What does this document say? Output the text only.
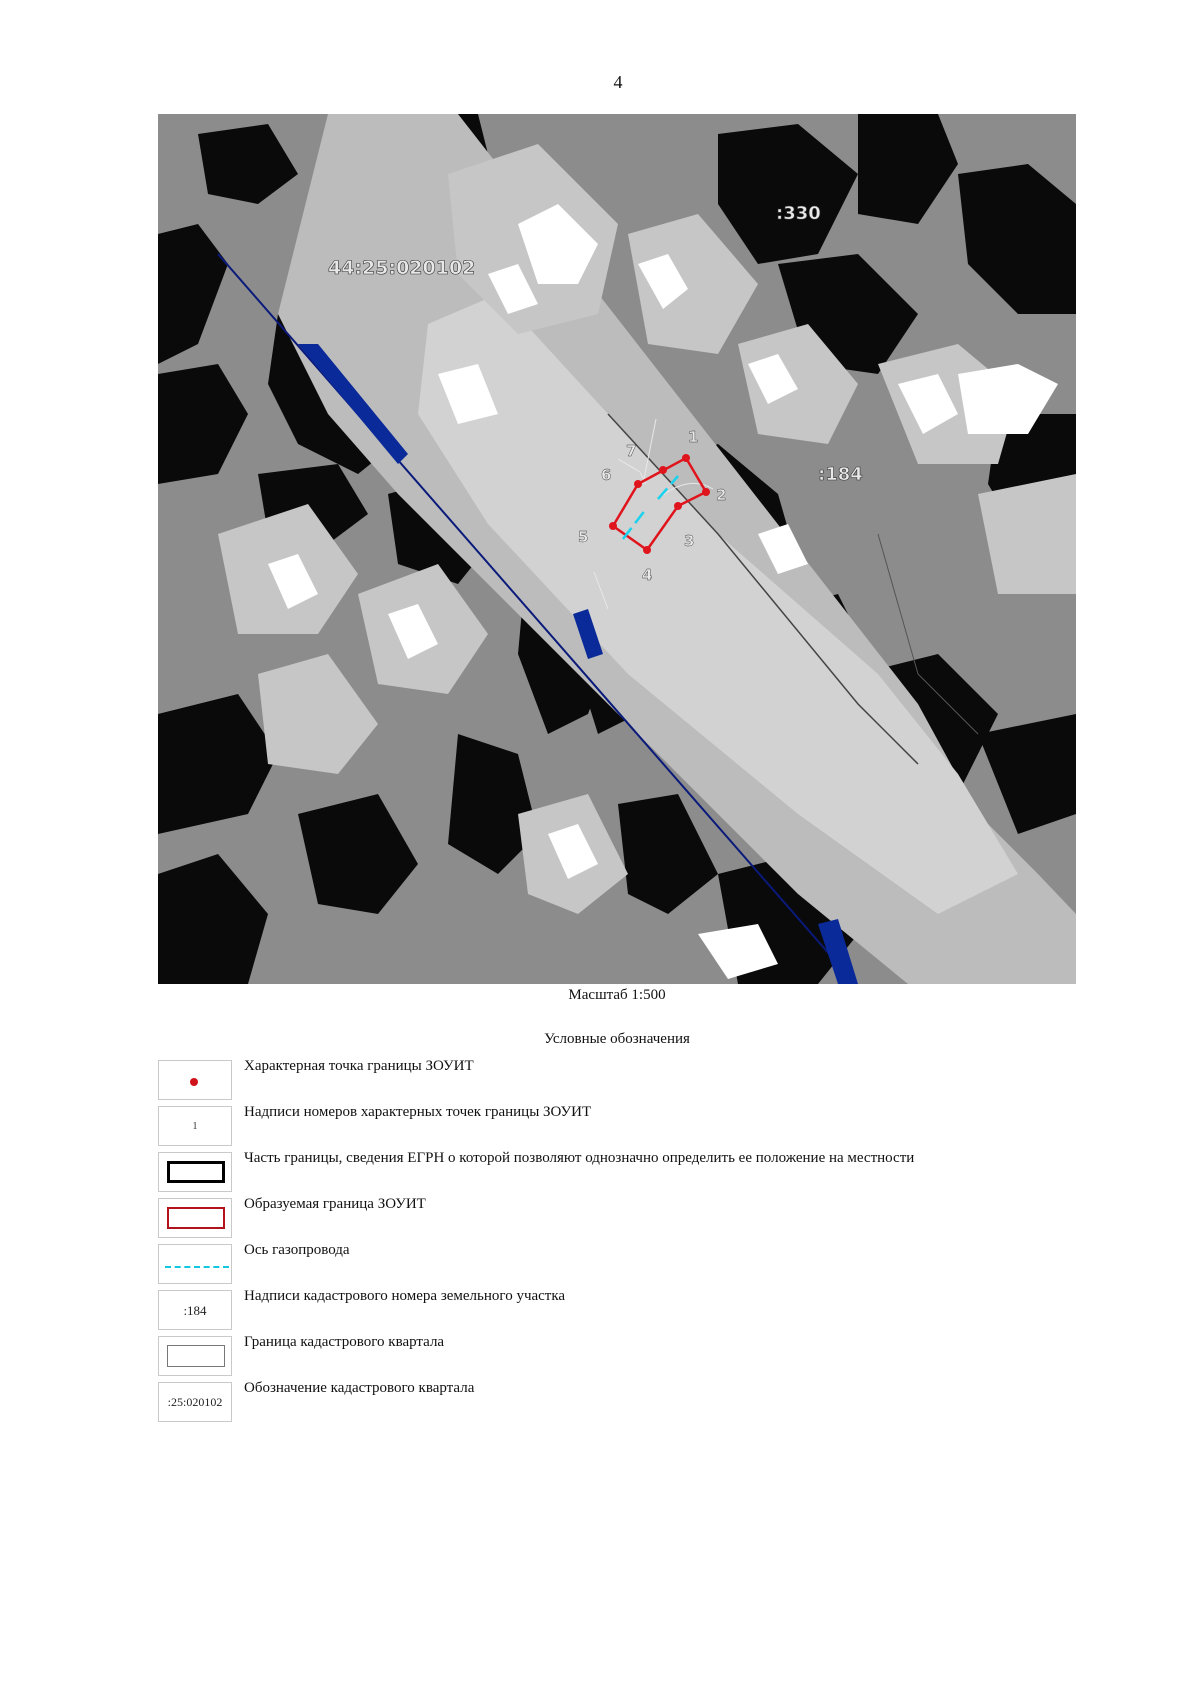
4
44:25:020102
:330
:184
1
2
3
4
5
6
7
Масштаб 1:500
Условные обозначения
Характерная точка границы ЗОУИТ
1
Надписи номеров характерных точек границы ЗОУИТ
Часть границы, сведения ЕГРН о которой позволяют однозначно определить ее положение на местности
Образуемая граница ЗОУИТ
Ось газопровода
:184
Надписи кадастрового номера земельного участка
Граница кадастрового квартала
:25:020102
Обозначение кадастрового квартала
